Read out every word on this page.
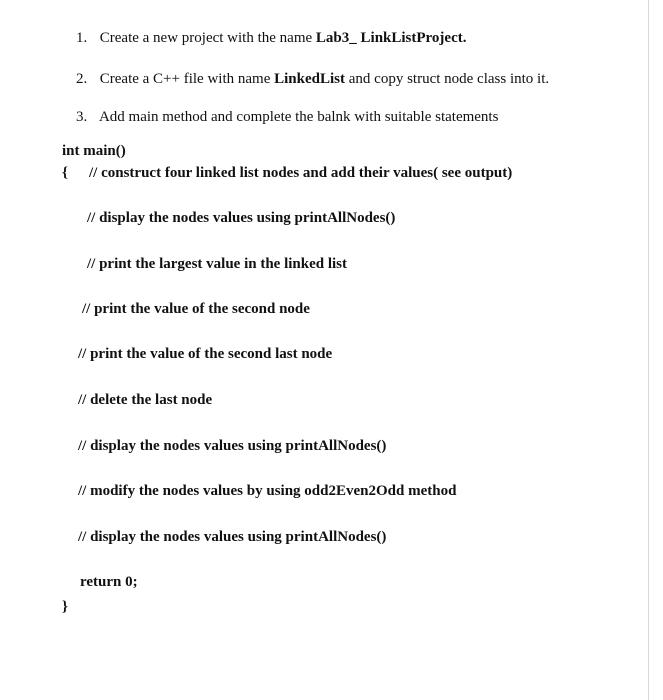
1. Create a new project with the name Lab3_ LinkListProject.
2. Create a C++ file with name LinkedList and copy struct node class into it.
3. Add main method and complete the balnk with suitable statements
int main()
{ // construct four linked list nodes and add their values( see output)
// display the nodes values using printAllNodes()
// print the largest value in the linked list
// print the value of the second node
// print the value of the second last node
// delete the last node
// display the nodes values using printAllNodes()
// modify the nodes values by using odd2Even2Odd method
// display the nodes values using printAllNodes()
return 0;
}
